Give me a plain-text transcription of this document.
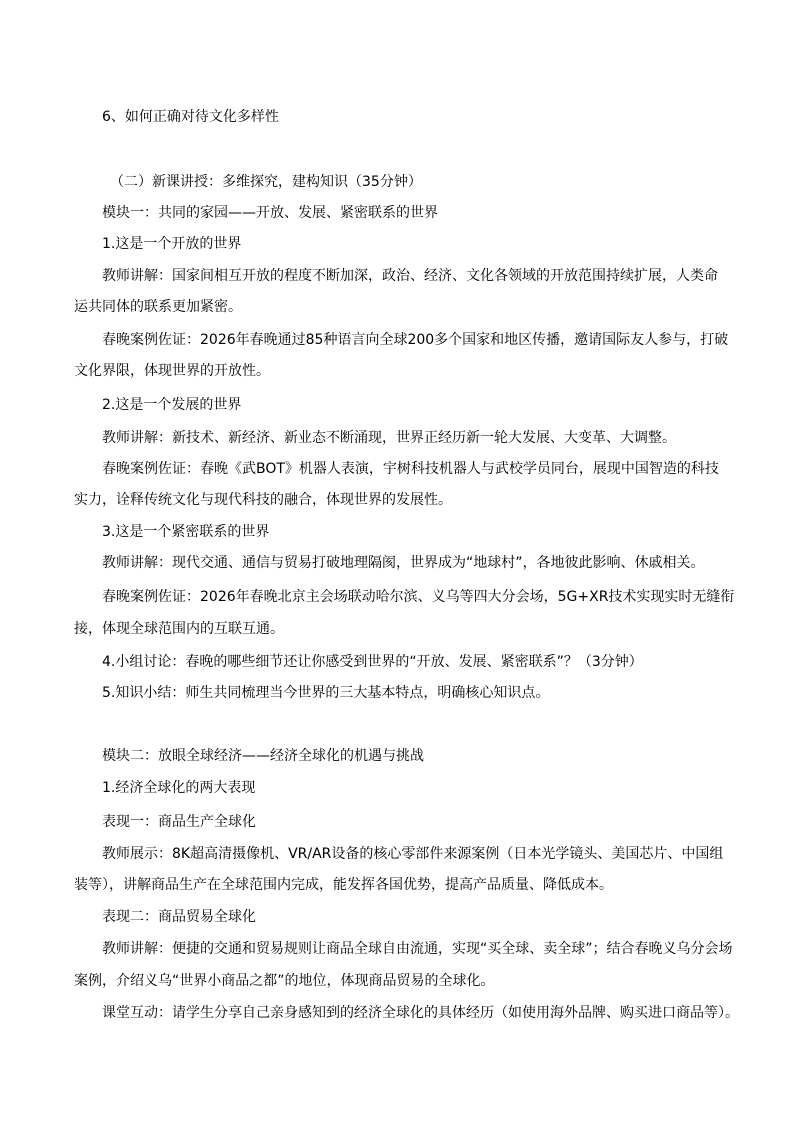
6、如何正确对待文化多样性
（二）新课讲授：多维探究，建构知识（35分钟）
模块一：共同的家园——开放、发展、紧密联系的世界
1.这是一个开放的世界
教师讲解：国家间相互开放的程度不断加深，政治、经济、文化各领域的开放范围持续扩展，人类命
运共同体的联系更加紧密。
春晚案例佐证：2026年春晚通过85种语言向全球200多个国家和地区传播，邀请国际友人参与，打破
文化界限，体现世界的开放性。
2.这是一个发展的世界
教师讲解：新技术、新经济、新业态不断涌现，世界正经历新一轮大发展、大变革、大调整。
春晚案例佐证：春晚《武BOT》机器人表演，宇树科技机器人与武校学员同台，展现中国智造的科技
实力，诠释传统文化与现代科技的融合，体现世界的发展性。
3.这是一个紧密联系的世界
教师讲解：现代交通、通信与贸易打破地理隔阂，世界成为“地球村”，各地彼此影响、休戚相关。
春晚案例佐证：2026年春晚北京主会场联动哈尔滨、义乌等四大分会场，5G+XR技术实现实时无缝衔
接，体现全球范围内的互联互通。
4.小组讨论：春晚的哪些细节还让你感受到世界的“开放、发展、紧密联系”？（3分钟）
5.知识小结：师生共同梳理当今世界的三大基本特点，明确核心知识点。
模块二：放眼全球经济——经济全球化的机遇与挑战
1.经济全球化的两大表现
表现一：商品生产全球化
教师展示：8K超高清摄像机、VR/AR设备的核心零部件来源案例（日本光学镜头、美国芯片、中国组
装等），讲解商品生产在全球范围内完成，能发挥各国优势，提高产品质量、降低成本。
表现二：商品贸易全球化
教师讲解：便捷的交通和贸易规则让商品全球自由流通，实现“买全球、卖全球”；结合春晚义乌分会场
案例，介绍义乌“世界小商品之都”的地位，体现商品贸易的全球化。
课堂互动：请学生分享自己亲身感知到的经济全球化的具体经历（如使用海外品牌、购买进口商品等）。
